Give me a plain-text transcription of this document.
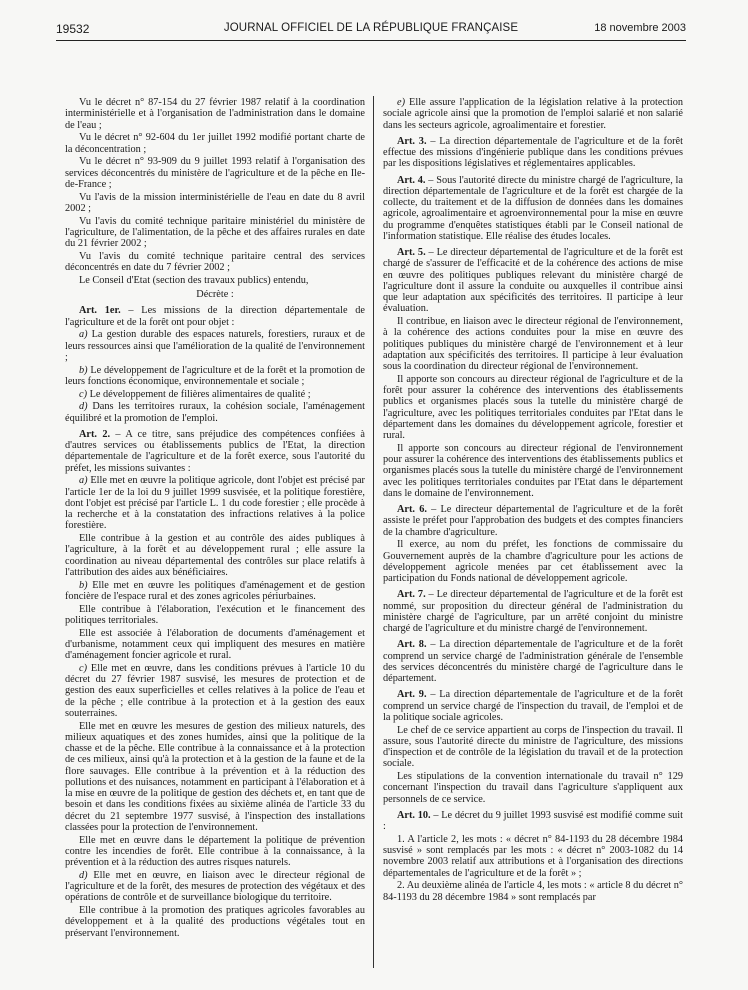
19532	JOURNAL OFFICIEL DE LA RÉPUBLIQUE FRANÇAISE	18 novembre 2003

Vu le décret n° 87-154 du 27 février 1987 relatif à la coordination interministérielle et à l'organisation de l'administration dans le domaine de l'eau ;

Vu le décret n° 92-604 du 1er juillet 1992 modifié portant charte de la déconcentration ;

Vu le décret n° 93-909 du 9 juillet 1993 relatif à l'organisation des services déconcentrés du ministère de l'agriculture et de la pêche en Ile-de-France ;

Vu l'avis de la mission interministérielle de l'eau en date du 8 avril 2002 ;

Vu l'avis du comité technique paritaire ministériel du ministère de l'agriculture, de l'alimentation, de la pêche et des affaires rurales en date du 21 février 2002 ;

Vu l'avis du comité technique paritaire central des services déconcentrés en date du 7 février 2002 ;

Le Conseil d'Etat (section des travaux publics) entendu,

Décrète :

Art. 1er. – Les missions de la direction départementale de l'agriculture et de la forêt ont pour objet :

a) La gestion durable des espaces naturels, forestiers, ruraux et de leurs ressources ainsi que l'amélioration de la qualité de l'environnement ;

b) Le développement de l'agriculture et de la forêt et la promotion de leurs fonctions économique, environnementale et sociale ;

c) Le développement de filières alimentaires de qualité ;

d) Dans les territoires ruraux, la cohésion sociale, l'aménagement équilibré et la promotion de l'emploi.

Art. 2. – A ce titre, sans préjudice des compétences confiées à d'autres services ou établissements publics de l'Etat, la direction départementale de l'agriculture et de la forêt exerce, sous l'autorité du préfet, les missions suivantes :

a) Elle met en œuvre la politique agricole, dont l'objet est précisé par l'article 1er de la loi du 9 juillet 1999 susvisée, et la politique forestière, dont l'objet est précisé par l'article L. 1 du code forestier ; elle procède à la recherche et à la constatation des infractions relatives à la police forestière.

Elle contribue à la gestion et au contrôle des aides publiques à l'agriculture, à la forêt et au développement rural ; elle assure la coordination au niveau départemental des contrôles sur place relatifs à l'attribution des aides aux bénéficiaires.

b) Elle met en œuvre les politiques d'aménagement et de gestion foncière de l'espace rural et des zones agricoles périurbaines.

Elle contribue à l'élaboration, l'exécution et le financement des politiques territoriales.

Elle est associée à l'élaboration de documents d'aménagement et d'urbanisme, notamment ceux qui impliquent des mesures en matière d'aménagement foncier agricole et rural.

c) Elle met en œuvre, dans les conditions prévues à l'article 10 du décret du 27 février 1987 susvisé, les mesures de protection et de gestion des eaux superficielles et celles relatives à la police de l'eau et de la pêche ; elle contribue à la protection et à la gestion des eaux souterraines.

Elle met en œuvre les mesures de gestion des milieux naturels, des milieux aquatiques et des zones humides, ainsi que la politique de la chasse et de la pêche. Elle contribue à la connaissance et à la protection de ces milieux, ainsi qu'à la protection et à la gestion de la faune et de la flore sauvages. Elle contribue à la prévention et à la réduction des pollutions et des nuisances, notamment en participant à l'élaboration et à la mise en œuvre de la politique de gestion des déchets et, en tant que de besoin et dans les conditions fixées au sixième alinéa de l'article 33 du décret du 21 septembre 1977 susvisé, à l'inspection des installations classées pour la protection de l'environnement.

Elle met en œuvre dans le département la politique de prévention contre les incendies de forêt. Elle contribue à la connaissance, à la prévention et à la réduction des autres risques naturels.

d) Elle met en œuvre, en liaison avec le directeur régional de l'agriculture et de la forêt, des mesures de protection des végétaux et des opérations de contrôle et de surveillance biologique du territoire.

Elle contribue à la promotion des pratiques agricoles favorables au développement et à la qualité des productions végétales tout en préservant l'environnement.

e) Elle assure l'application de la législation relative à la protection sociale agricole ainsi que la promotion de l'emploi salarié et non salarié dans les secteurs agricole, agroalimentaire et forestier.

Art. 3. – La direction départementale de l'agriculture et de la forêt effectue des missions d'ingénierie publique dans les conditions prévues par les dispositions législatives et réglementaires applicables.

Art. 4. – Sous l'autorité directe du ministre chargé de l'agriculture, la direction départementale de l'agriculture et de la forêt est chargée de la collecte, du traitement et de la diffusion de données dans les domaines agricole, agroalimentaire et agroenvironnemental pour la mise en œuvre du programme d'enquêtes statistiques établi par le Conseil national de l'information statistique. Elle réalise des études locales.

Art. 5. – Le directeur départemental de l'agriculture et de la forêt est chargé de s'assurer de l'efficacité et de la cohérence des actions de mise en œuvre des politiques publiques relevant du ministère chargé de l'agriculture dont il assure la conduite ou auxquelles il contribue ainsi que leur adaptation aux spécificités des territoires. Il participe à leur évaluation.

Il contribue, en liaison avec le directeur régional de l'environnement, à la cohérence des actions conduites pour la mise en œuvre des politiques publiques du ministère chargé de l'environnement et à leur adaptation aux spécificités des territoires. Il participe à leur évaluation sous la coordination du directeur régional de l'environnement.

Il apporte son concours au directeur régional de l'agriculture et de la forêt pour assurer la cohérence des interventions des établissements publics et organismes placés sous la tutelle du ministère chargé de l'agriculture, avec les politiques territoriales conduites par l'Etat dans le département dans les domaines du développement agricole, forestier et rural.

Il apporte son concours au directeur régional de l'environnement pour assurer la cohérence des interventions des établissements publics et organismes placés sous la tutelle du ministère chargé de l'environnement avec les politiques territoriales conduites par l'Etat dans le département dans le domaine de l'environnement.

Art. 6. – Le directeur départemental de l'agriculture et de la forêt assiste le préfet pour l'approbation des budgets et des comptes financiers de la chambre d'agriculture.

Il exerce, au nom du préfet, les fonctions de commissaire du Gouvernement auprès de la chambre d'agriculture pour les actions de développement agricole menées par cet établissement avec la participation du Fonds national de développement agricole.

Art. 7. – Le directeur départemental de l'agriculture et de la forêt est nommé, sur proposition du directeur général de l'administration du ministère chargé de l'agriculture, par un arrêté conjoint du ministre chargé de l'agriculture et du ministre chargé de l'environnement.

Art. 8. – La direction départementale de l'agriculture et de la forêt comprend un service chargé de l'administration générale de l'ensemble des services déconcentrés du ministère chargé de l'agriculture dans le département.

Art. 9. – La direction départementale de l'agriculture et de la forêt comprend un service chargé de l'inspection du travail, de l'emploi et de la politique sociale agricoles.

Le chef de ce service appartient au corps de l'inspection du travail. Il assure, sous l'autorité directe du ministre de l'agriculture, des missions d'inspection et de contrôle de la législation du travail et de la protection sociale.

Les stipulations de la convention internationale du travail n° 129 concernant l'inspection du travail dans l'agriculture s'appliquent aux personnels de ce service.

Art. 10. – Le décret du 9 juillet 1993 susvisé est modifié comme suit :

1. A l'article 2, les mots : « décret n° 84-1193 du 28 décembre 1984 susvisé » sont remplacés par les mots : « décret n° 2003-1082 du 14 novembre 2003 relatif aux attributions et à l'organisation des directions départementales de l'agriculture et de la forêt » ;

2. Au deuxième alinéa de l'article 4, les mots : « article 8 du décret n° 84-1193 du 28 décembre 1984 » sont remplacés par
